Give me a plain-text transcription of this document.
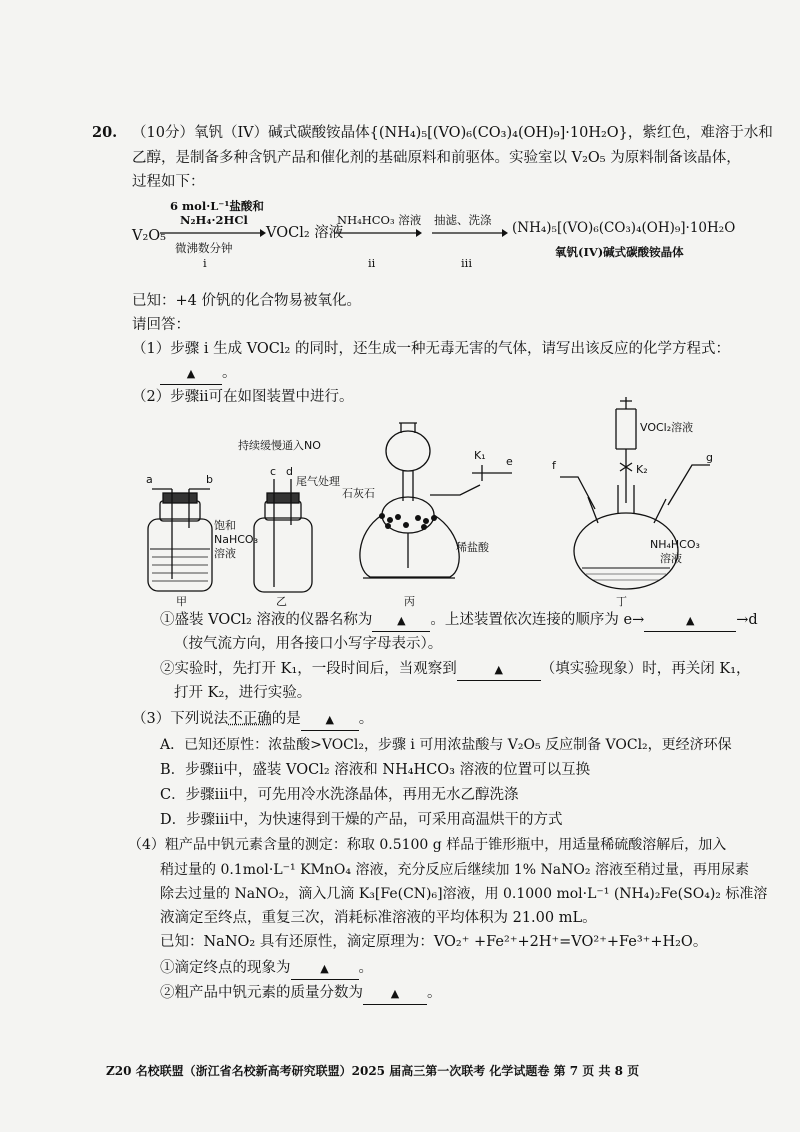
20. （10分）氧钒（IV）碱式碳酸铵晶体{(NH₄)₅[(VO)₆(CO₃)₄(OH)₉]·10H₂O}，紫红色，难溶于水和
乙醇，是制备多种含钒产品和催化剂的基础原料和前驱体。实验室以 V₂O₅ 为原料制备该晶体，
过程如下：
V₂O₅
6 mol·L⁻¹盐酸和
N₂H₄·2HCl
微沸数分钟
i
VOCl₂ 溶液
NH₄HCO₃ 溶液
ii
抽滤、洗涤
iii
(NH₄)₅[(VO)₆(CO₃)₄(OH)₉]·10H₂O
氧钒(IV)碱式碳酸铵晶体
已知：+4 价钒的化合物易被氧化。
请回答：
（1）步骤 i 生成 VOCl₂ 的同时，还生成一种无毒无害的气体，请写出该反应的化学方程式：
▲。
（2）步骤ii可在如图装置中进行。
a	b
饱和
NaHCO₃
溶液
甲
持续缓慢通入NO
c d
尾气处理
乙
K₁ e
石灰石
稀盐酸
丙
VOCl₂溶液
K₂
f
g
NH₄HCO₃
溶液
丁
①盛装 VOCl₂ 溶液的仪器名称为 ▲	。上述装置依次连接的顺序为 e→ ▲	→d
（按气流方向，用各接口小写字母表示）。
②实验时，先打开 K₁，一段时间后，当观察到 ▲	（填实验现象）时，再关闭 K₁，
打开 K₂，进行实验。
（3）下列说法不正确的是 ▲	。
A．已知还原性：浓盐酸>VOCl₂，步骤 i 可用浓盐酸与 V₂O₅ 反应制备 VOCl₂，更经济环保
B．步骤ii中，盛装 VOCl₂ 溶液和 NH₄HCO₃ 溶液的位置可以互换
C．步骤iii中，可先用冷水洗涤晶体，再用无水乙醇洗涤
D．步骤iii中，为快速得到干燥的产品，可采用高温烘干的方式
（4）粗产品中钒元素含量的测定：称取 0.5100 g 样品于锥形瓶中，用适量稀硫酸溶解后，加入
稍过量的 0.1mol·L⁻¹ KMnO₄ 溶液，充分反应后继续加 1% NaNO₂ 溶液至稍过量，再用尿素
除去过量的 NaNO₂，滴入几滴 K₃[Fe(CN)₆]溶液，用 0.1000 mol·L⁻¹ (NH₄)₂Fe(SO₄)₂ 标准溶
液滴定至终点，重复三次，消耗标准溶液的平均体积为 21.00 mL。
已知：NaNO₂ 具有还原性，滴定原理为：VO₂⁺ +Fe²⁺+2H⁺=VO²⁺+Fe³⁺+H₂O。
①滴定终点的现象为 ▲	。
②粗产品中钒元素的质量分数为 ▲	。
Z20 名校联盟（浙江省名校新高考研究联盟）2025 届高三第一次联考 化学试题卷 第 7 页 共 8 页
